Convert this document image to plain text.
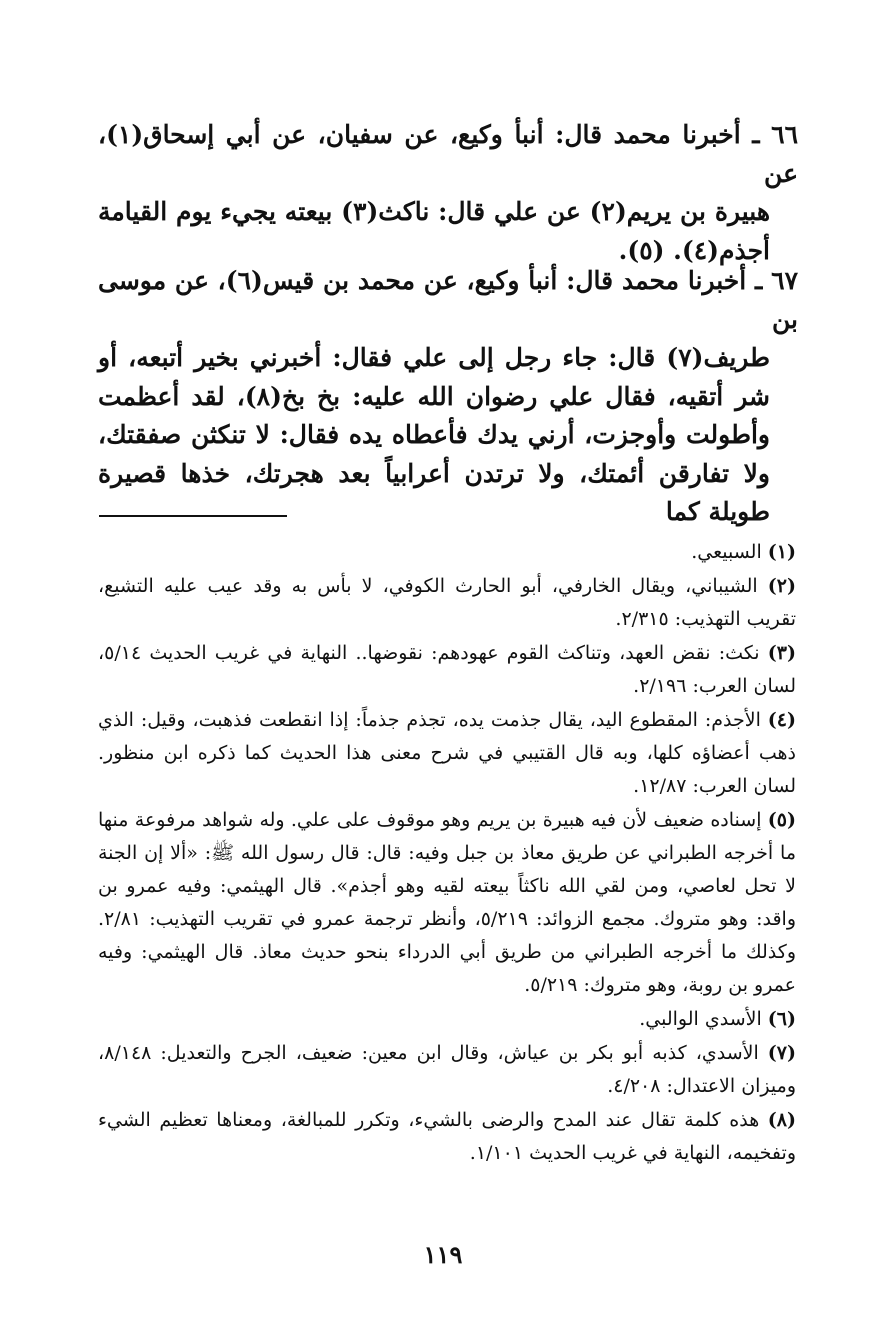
٦٦ ـ أخبرنا محمد قال: أنبأ وكيع، عن سفيان، عن أبي إسحاق(١)، عن
هبيرة بن يريم(٢) عن علي قال: ناكث(٣) بيعته يجيء يوم القيامة أجذم(٤). (٥).
٦٧ ـ أخبرنا محمد قال: أنبأ وكيع، عن محمد بن قيس(٦)، عن موسى بن
طريف(٧) قال: جاء رجل إلى علي فقال: أخبرني بخير أتبعه، أو شر أتقيه، فقال علي رضوان الله عليه: بخ بخ(٨)، لقد أعظمت وأطولت وأوجزت، أرني يدك فأعطاه يده فقال: لا تنكثن صفقتك، ولا تفارقن أئمتك، ولا ترتدن أعرابياً بعد هجرتك، خذها قصيرة طويلة كما
(١) السبيعي.
(٢) الشيباني، ويقال الخارفي، أبو الحارث الكوفي، لا بأس به وقد عيب عليه التشيع، تقريب التهذيب: ٢/٣١٥.
(٣) نكث: نقض العهد، وتناكث القوم عهودهم: نقوضها.. النهاية في غريب الحديث ٥/١٤، لسان العرب: ٢/١٩٦.
(٤) الأجذم: المقطوع اليد، يقال جذمت يده، تجذم جذماً: إذا انقطعت فذهبت، وقيل: الذي ذهب أعضاؤه كلها، وبه قال القتيبي في شرح معنى هذا الحديث كما ذكره ابن منظور. لسان العرب: ١٢/٨٧.
(٥) إسناده ضعيف لأن فيه هبيرة بن يريم وهو موقوف على علي. وله شواهد مرفوعة منها ما أخرجه الطبراني عن طريق معاذ بن جبل وفيه: قال: قال رسول الله ﷺ: «ألا إن الجنة لا تحل لعاصي، ومن لقي الله ناكثاً بيعته لقيه وهو أجذم». قال الهيثمي: وفيه عمرو بن واقد: وهو متروك. مجمع الزوائد: ٥/٢١٩، وأنظر ترجمة عمرو في تقريب التهذيب: ٢/٨١. وكذلك ما أخرجه الطبراني من طريق أبي الدرداء بنحو حديث معاذ. قال الهيثمي: وفيه عمرو بن روبة، وهو متروك: ٥/٢١٩.
(٦) الأسدي الوالبي.
(٧) الأسدي، كذبه أبو بكر بن عياش، وقال ابن معين: ضعيف، الجرح والتعديل: ٨/١٤٨، وميزان الاعتدال: ٤/٢٠٨.
(٨) هذه كلمة تقال عند المدح والرضى بالشيء، وتكرر للمبالغة، ومعناها تعظيم الشيء وتفخيمه، النهاية في غريب الحديث ١/١٠١.
١١٩
